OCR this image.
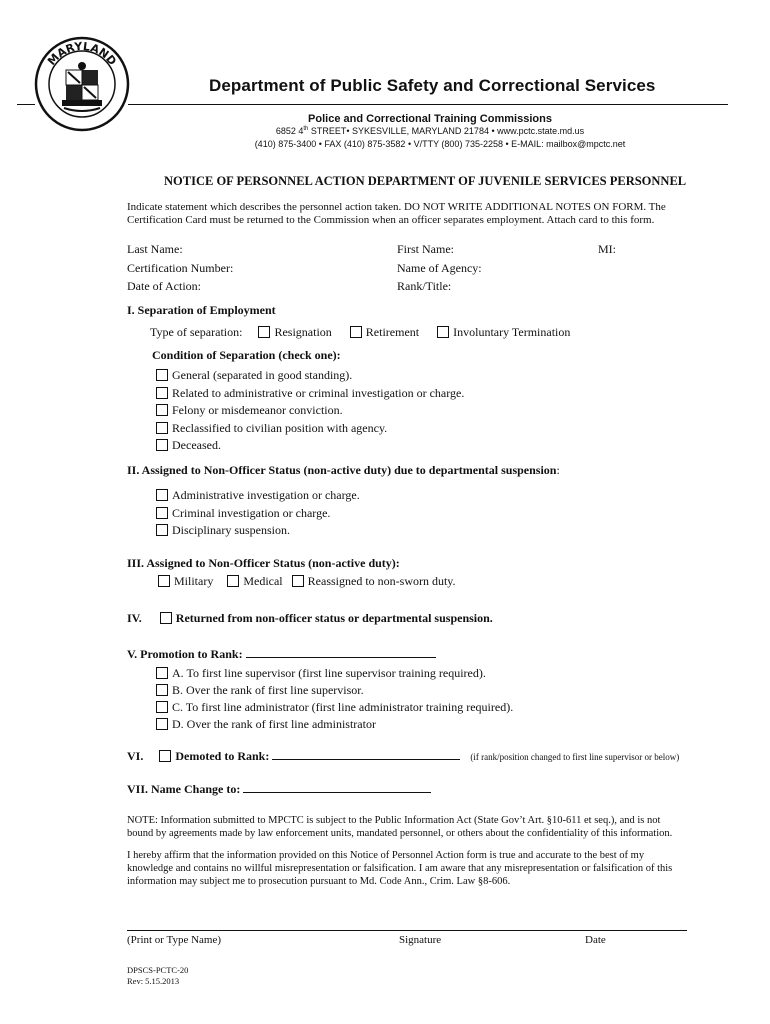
MARYLAND
Department of Public Safety and Correctional Services
Police and Correctional Training Commissions
6852 4th STREET• SYKESVILLE, MARYLAND 21784 • www.pctc.state.md.us
(410) 875-3400 • FAX (410) 875-3582 • V/TTY (800) 735-2258 • E-MAIL: mailbox@mpctc.net
NOTICE OF PERSONNEL ACTION DEPARTMENT OF JUVENILE SERVICES PERSONNEL
Indicate statement which describes the personnel action taken. DO NOT WRITE ADDITIONAL NOTES ON FORM. The
Certification Card must be returned to the Commission when an officer separates employment. Attach card to this form.
Last Name:	First Name:	MI:
Certification Number:	Name of Agency:
Date of Action:	Rank/Title:
I. Separation of Employment
Type of separation:	Resignation	Retirement	Involuntary Termination
Condition of Separation (check one):
General (separated in good standing).
Related to administrative or criminal investigation or charge.
Felony or misdemeanor conviction.
Reclassified to civilian position with agency.
Deceased.
II. Assigned to Non-Officer Status (non-active duty) due to departmental suspension:
Administrative investigation or charge.
Criminal investigation or charge.
Disciplinary suspension.
III. Assigned to Non-Officer Status (non-active duty):
Military	Medical Reassigned to non-sworn duty.
IV.	Returned from non-officer status or departmental suspension.
V. Promotion to Rank:
A. To first line supervisor (first line supervisor training required).
B. Over the rank of first line supervisor.
C. To first line administrator (first line administrator training required).
D. Over the rank of first line administrator
VI.	Demoted to Rank:	(if rank/position changed to first line supervisor or below)
VII. Name Change to:
NOTE: Information submitted to MPCTC is subject to the Public Information Act (State Gov’t Art. §10-611 et seq.), and is not
bound by agreements made by law enforcement units, mandated personnel, or others about the confidentiality of this information.
I hereby affirm that the information provided on this Notice of Personnel Action form is true and accurate to the best of my
knowledge and contains no willful misrepresentation or falsification. I am aware that any misrepresentation or falsification of this
information may subject me to prosecution pursuant to Md. Code Ann., Crim. Law §8-606.
(Print or Type Name)	Signature	Date
DPSCS-PCTC-20
Rev: 5.15.2013
